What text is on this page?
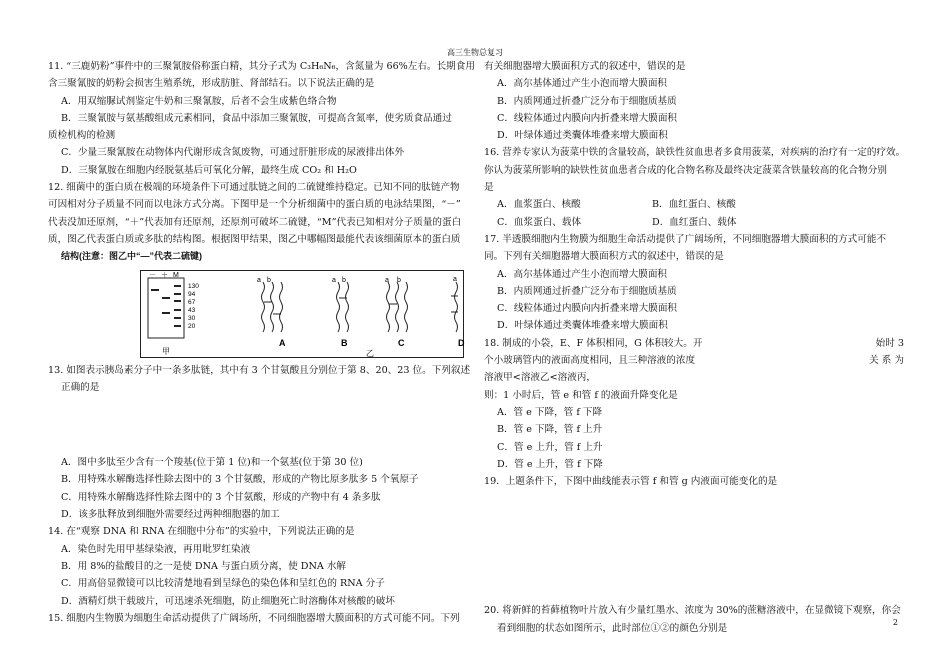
高三生物总复习

11. “三鹿奶粉”事件中的三聚氰胺俗称蛋白精，其分子式为 C₃H₆N₆，含氮量为 66%左右。长期食用

含三聚氰胺的奶粉会损害生殖系统，形成肪脏、肾部结石。以下说法正确的是

A．用双缩脲试剂鉴定牛奶和三聚氰胺，后者不会生成紫色络合物

B．三聚氰胺与氨基酸组成元素相同，食品中添加三聚氰胺，可提高含氮率，使劣质食品通过

质检机构的检测

C．少量三聚氰胺在动物体内代谢形成含氮废物，可通过肝脏形成的尿液排出体外

D．三聚氰胺在细胞内经脱氨基后可氧化分解，最终生成 CO₂ 和 H₂O

12. 细菌中的蛋白质在极端的环境条件下可通过肽链之间的二硫键维持稳定。已知不同的肽链产物

可因相对分子质量不同而以电泳方式分离。下图甲是一个分析细菌中的蛋白质的电泳结果图，“－”

代表没加还原剂，“＋”代表加有还原剂，还原剂可破坏二硫键，“M”代表已知相对分子质量的蛋白

质，图乙代表蛋白质或多肽的结构图。根据图甲结果，图乙中哪幅图最能代表该细菌原本的蛋白质

结构(注意：图乙中“—”代表二硫键)

－ ＋ M
130
94
67
43
30
20
甲
a b	a b	a b	a
A	B	C	D
乙

13. 如图表示胰岛素分子中一条多肽链，其中有 3 个甘氨酸且分别位于第 8、20、23 位。下列叙述

正确的是

A．图中多肽至少含有一个羧基(位于第 1 位)和一个氨基(位于第 30 位)

B．用特殊水解酶选择性除去图中的 3 个甘氨酸，形成的产物比原多肽多 5 个氧原子

C．用特殊水解酶选择性除去图中的 3 个甘氨酸，形成的产物中有 4 条多肽

D．该多肽释放到细胞外需要经过两种细胞器的加工

14. 在“观察 DNA 和 RNA 在细胞中分布”的实验中，下列说法正确的是

A．染色时先用甲基绿染液，再用吡罗红染液

B．用 8%的盐酸目的之一是使 DNA 与蛋白质分离，使 DNA 水解

C．用高倍显微镜可以比较清楚地看到呈绿色的染色体和呈红色的 RNA 分子

D．酒精灯烘干载玻片，可迅速杀死细胞，防止细胞死亡时溶酶体对核酸的破坏

15. 细胞内生物膜为细胞生命活动提供了广阔场所，不同细胞器增大膜面积的方式可能不同。下列

有关细胞器增大膜面积方式的叙述中，错误的是

A．高尔基体通过产生小泡而增大膜面积

B．内质网通过折叠广泛分布于细胞质基质

C．线粒体通过内膜向内折叠来增大膜面积

D．叶绿体通过类囊体堆叠来增大膜面积

16. 营养专家认为菠菜中铁的含量较高，缺铁性贫血患者多食用菠菜，对疾病的治疗有一定的疗效。

你认为菠菜所影响的缺铁性贫血患者合成的化合物名称及最终决定菠菜含铁量较高的化合物分别

是

A．血浆蛋白、核酸	B．血红蛋白、核酸

C．血浆蛋白、载体	D．血红蛋白、载体

17. 半透膜细胞内生物膜为细胞生命活动提供了广阔场所，不同细胞器增大膜面积的方式可能不

同。下列有关细胞器增大膜面积方式的叙述中，错误的是

A．高尔基体通过产生小泡而增大膜面积

B．内质网通过折叠广泛分布于细胞质基质

C．线粒体通过内膜向内折叠来增大膜面积

D．叶绿体通过类囊体堆叠来增大膜面积

18. 制成的小袋，E、F 体积相同，G 体积较大。开	始时 3

个小玻璃管内的液面高度相同，且三种溶液的浓度	关 系 为

溶液甲<溶液乙<溶液丙，

则：1 小时后，管 e 和管 f 的液面升降变化是

A．管 e 下降，管 f 下降

B．管 e 下降，管 f 上升

C．管 e 上升，管 f 上升

D．管 e 上升，管 f 下降

19．上题条件下，下图中曲线能表示管 f 和管 g 内液面可能变化的是

20. 将新鲜的苔藓植物叶片放入有少量红墨水、浓度为 30%的蔗糖溶液中，在显微镜下观察，你会

看到细胞的状态如图所示，此时部位①②的颜色分别是

2
